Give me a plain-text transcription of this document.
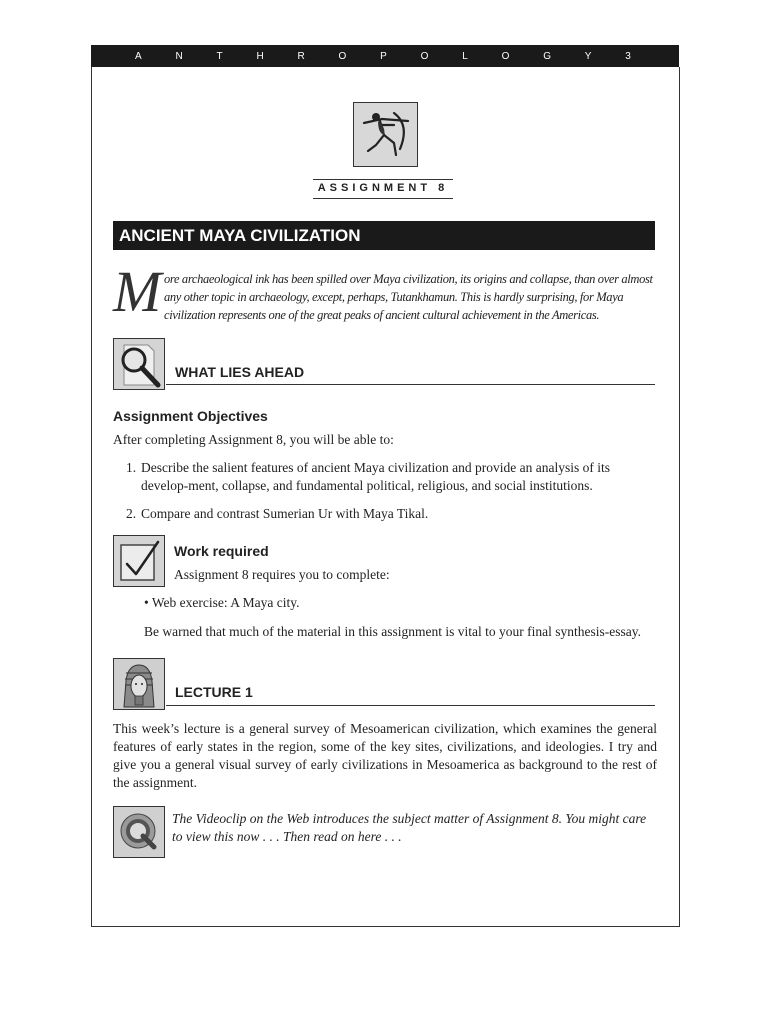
A	N	T	H	R	O	P	O	L	O	G	Y	3
ASSIGNMENT 8
ANCIENT MAYA CIVILIZATION
M ore archaeological ink has been spilled over Maya civilization, its origins and collapse, than over almost any other topic in archaeology, except, perhaps, Tutankhamun. This is hardly surprising, for Maya civilization represents one of the great peaks of ancient cultural achievement in the Americas.

WHAT LIES AHEAD
Assignment Objectives

After completing Assignment 8, you will be able to:

1. Describe the salient features of ancient Maya civilization and provide an analysis of its develop-ment, collapse, and fundamental political, religious, and social institutions.
2. Compare and contrast Sumerian Ur with Maya Tikal.
Work required

Assignment 8 requires you to complete:

• Web exercise: A Maya city.

Be warned that much of the material in this assignment is vital to your final synthesis-essay.

LECTURE 1

This week’s lecture is a general survey of Mesoamerican civilization, which examines the general features of early states in the region, some of the key sites, civilizations, and ideologies. I try and give you a general visual survey of early civilizations in Mesoamerica as background to the rest of the assignment.

The Videoclip on the Web introduces the subject matter of Assignment 8. You might care to view this now . . . Then read on here . . .
